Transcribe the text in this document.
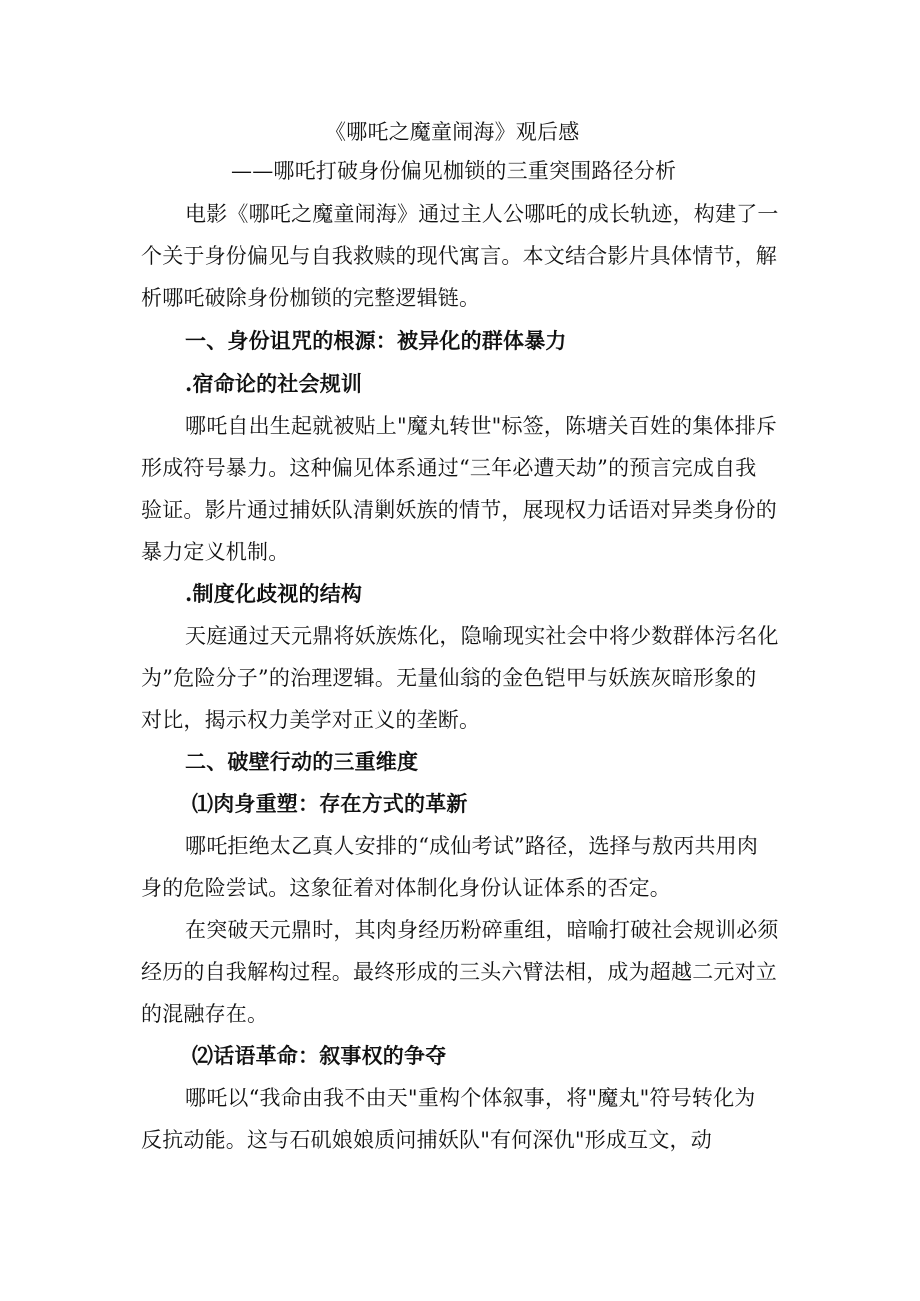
《哪吒之魔童闹海》观后感
——哪吒打破身份偏见枷锁的三重突围路径分析
电影《哪吒之魔童闹海》通过主人公哪吒的成长轨迹，构建了一
个关于身份偏见与自我救赎的现代寓言。本文结合影片具体情节，解
析哪吒破除身份枷锁的完整逻辑链。
一、身份诅咒的根源：被异化的群体暴力
.宿命论的社会规训
哪吒自出生起就被贴上"魔丸转世"标签，陈塘关百姓的集体排斥
形成符号暴力。这种偏见体系通过“三年必遭天劫”的预言完成自我
验证。影片通过捕妖队清剿妖族的情节，展现权力话语对异类身份的
暴力定义机制。
.制度化歧视的结构
天庭通过天元鼎将妖族炼化，隐喻现实社会中将少数群体污名化
为”危险分子”的治理逻辑。无量仙翁的金色铠甲与妖族灰暗形象的
对比，揭示权力美学对正义的垄断。
二、破壁行动的三重维度
⑴肉身重塑：存在方式的革新
哪吒拒绝太乙真人安排的“成仙考试”路径，选择与敖丙共用肉
身的危险尝试。这象征着对体制化身份认证体系的否定。
在突破天元鼎时，其肉身经历粉碎重组，暗喻打破社会规训必须
经历的自我解构过程。最终形成的三头六臂法相，成为超越二元对立
的混融存在。
⑵话语革命：叙事权的争夺
哪吒以“我命由我不由天"重构个体叙事，将"魔丸"符号转化为
反抗动能。这与石矶娘娘质问捕妖队"有何深仇"形成互文，动
